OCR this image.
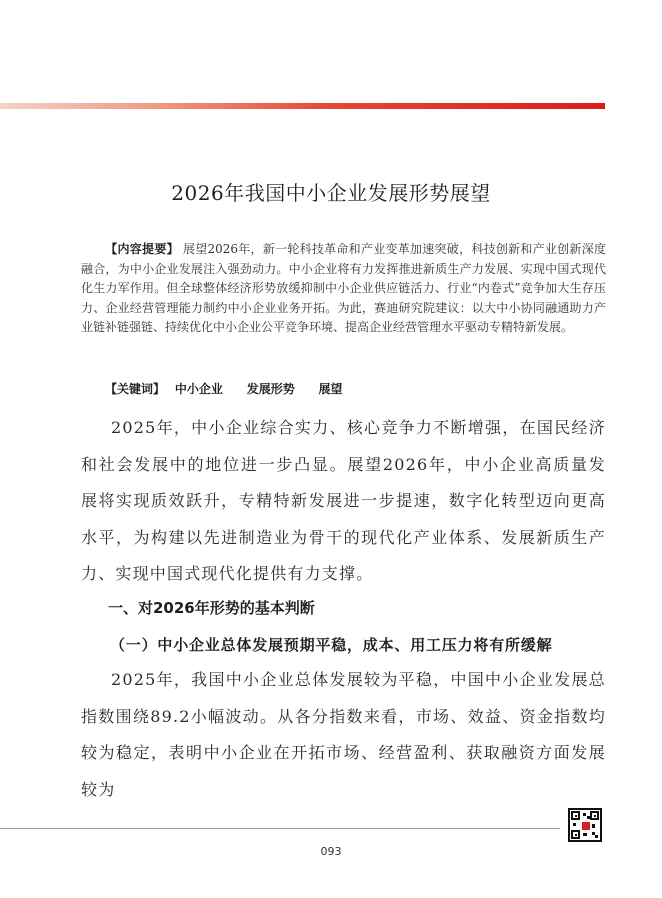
2026年我国中小企业发展形势展望
【内容提要】 展望2026年，新一轮科技革命和产业变革加速突破，科技创新和产业创新深度融合，为中小企业发展注入强劲动力。中小企业将有力发挥推进新质生产力发展、实现中国式现代化生力军作用。但全球整体经济形势放缓抑制中小企业供应链活力、行业“内卷式”竞争加大生存压力、企业经营管理能力制约中小企业业务开拓。为此，赛迪研究院建议：以大中小协同融通助力产业链补链强链、持续优化中小企业公平竞争环境、提高企业经营管理水平驱动专精特新发展。
【关键词】 中小企业 发展形势 展望
2025年，中小企业综合实力、核心竞争力不断增强，在国民经济和社会发展中的地位进一步凸显。展望2026年，中小企业高质量发展将实现质效跃升，专精特新发展进一步提速，数字化转型迈向更高水平，为构建以先进制造业为骨干的现代化产业体系、发展新质生产力、实现中国式现代化提供有力支撑。
一、对2026年形势的基本判断
（一）中小企业总体发展预期平稳，成本、用工压力将有所缓解
2025年，我国中小企业总体发展较为平稳，中国中小企业发展总指数围绕89.2小幅波动。从各分指数来看，市场、效益、资金指数均较为稳定，表明中小企业在开拓市场、经营盈利、获取融资方面发展较为
093
